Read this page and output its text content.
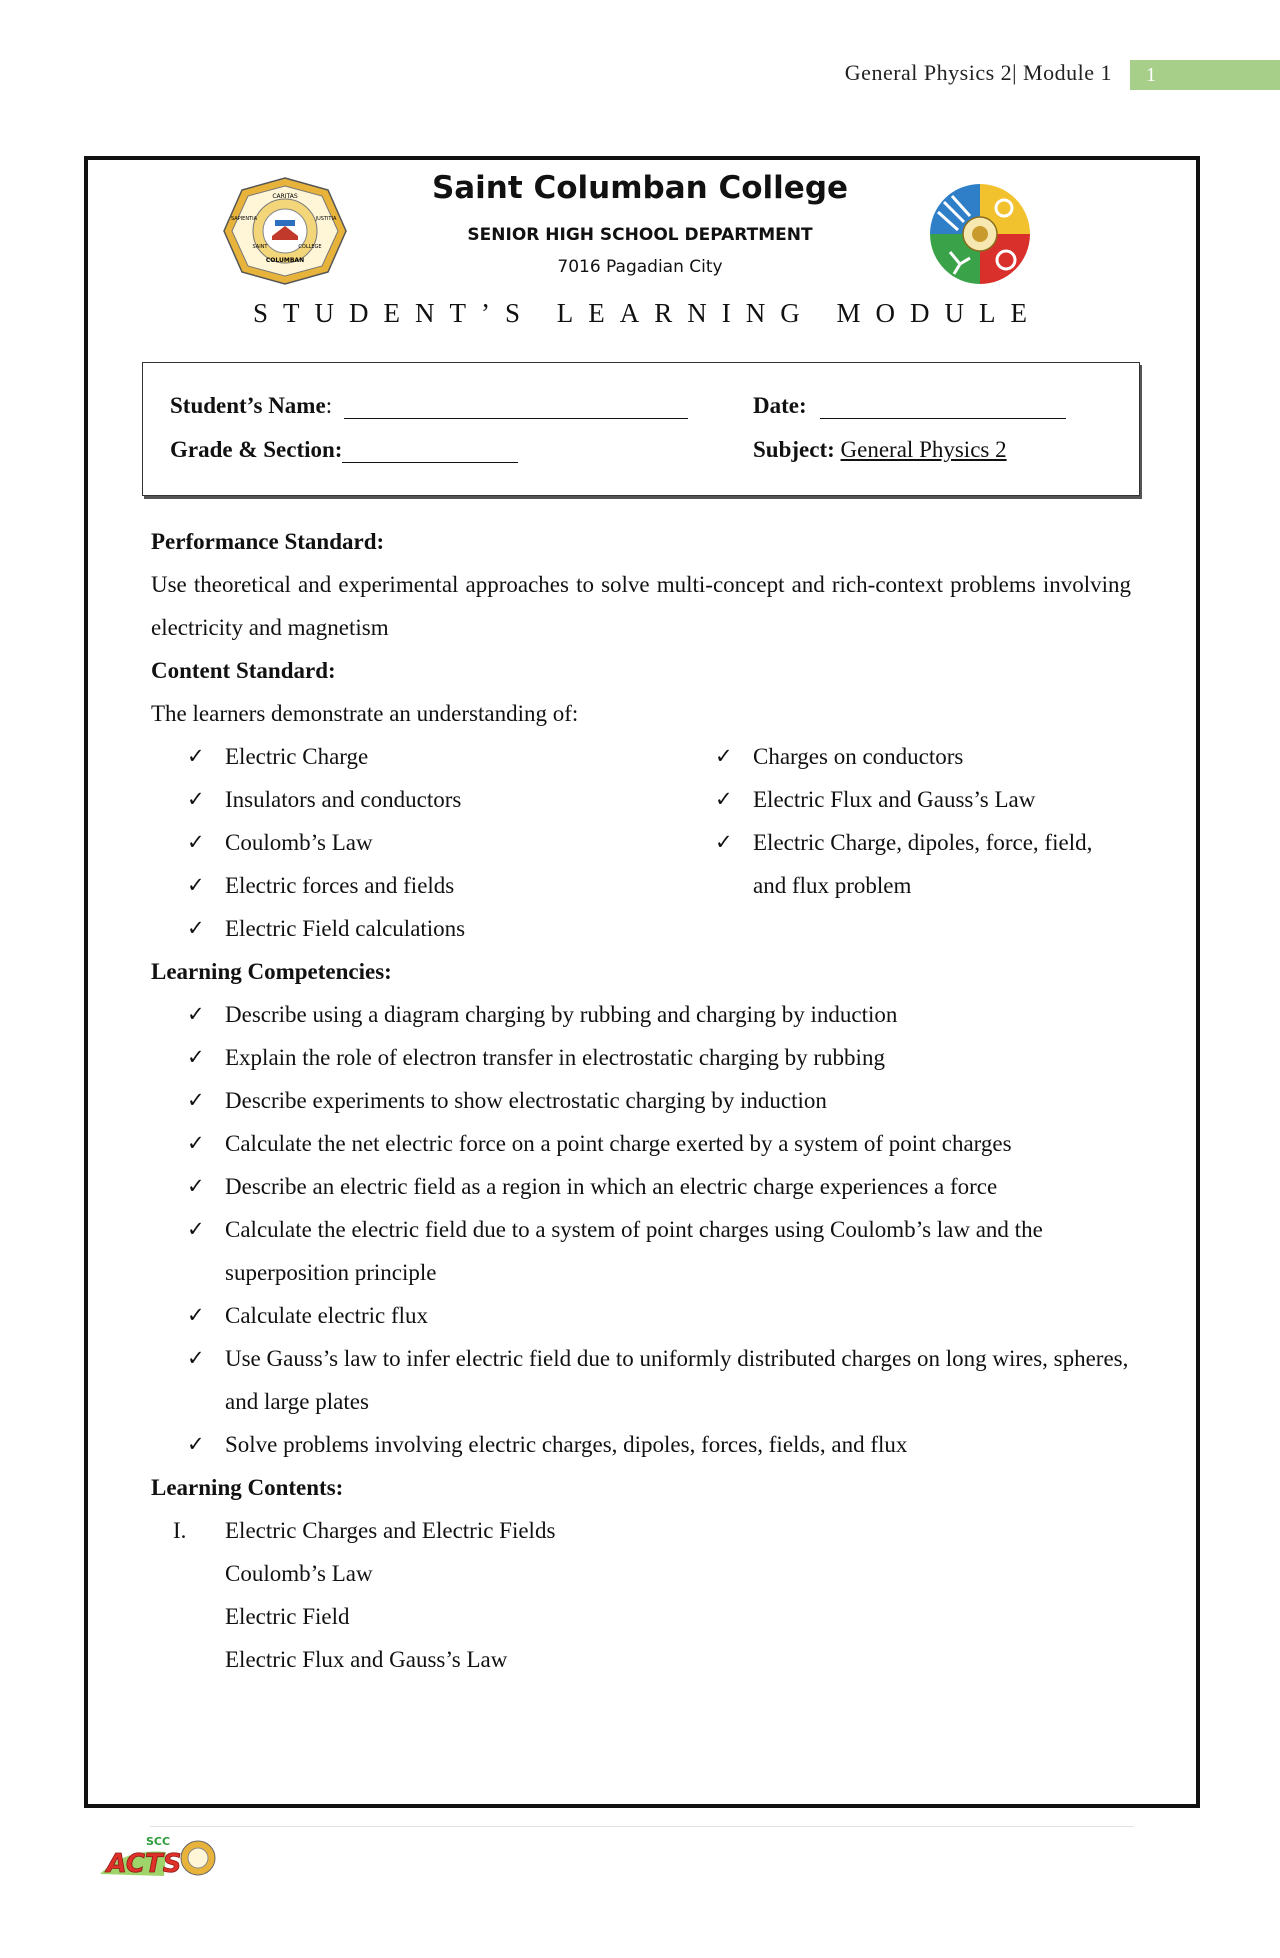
General Physics 2| Module 1	1
CARITAS
SAPIENTIA	JUSTITIA
SAINT	COLLEGE
COLUMBAN
Saint Columban College
SENIOR HIGH SCHOOL DEPARTMENT
7016 Pagadian City
STUDENT’S LEARNING MODULE
Student’s Name:	Date:
Grade & Section:	Subject: General Physics 2
Performance Standard:
Use theoretical and experimental approaches to solve multi-concept and rich-context problems involving electricity and magnetism
Content Standard:
The learners demonstrate an understanding of:
✓ Electric Charge
✓ Insulators and conductors
✓ Coulomb’s Law
✓ Electric forces and fields
✓ Electric Field calculations
✓ Charges on conductors
✓ Electric Flux and Gauss’s Law
✓ Electric Charge, dipoles, force, field, and flux problem
Learning Competencies:
✓ Describe using a diagram charging by rubbing and charging by induction
✓ Explain the role of electron transfer in electrostatic charging by rubbing
✓ Describe experiments to show electrostatic charging by induction
✓ Calculate the net electric force on a point charge exerted by a system of point charges
✓ Describe an electric field as a region in which an electric charge experiences a force
✓ Calculate the electric field due to a system of point charges using Coulomb’s law and the superposition principle
✓ Calculate electric flux
✓ Use Gauss’s law to infer electric field due to uniformly distributed charges on long wires, spheres, and large plates
✓ Solve problems involving electric charges, dipoles, forces, fields, and flux
Learning Contents:
I. Electric Charges and Electric Fields
Coulomb’s Law
Electric Field
Electric Flux and Gauss’s Law
SCC
ACTS
